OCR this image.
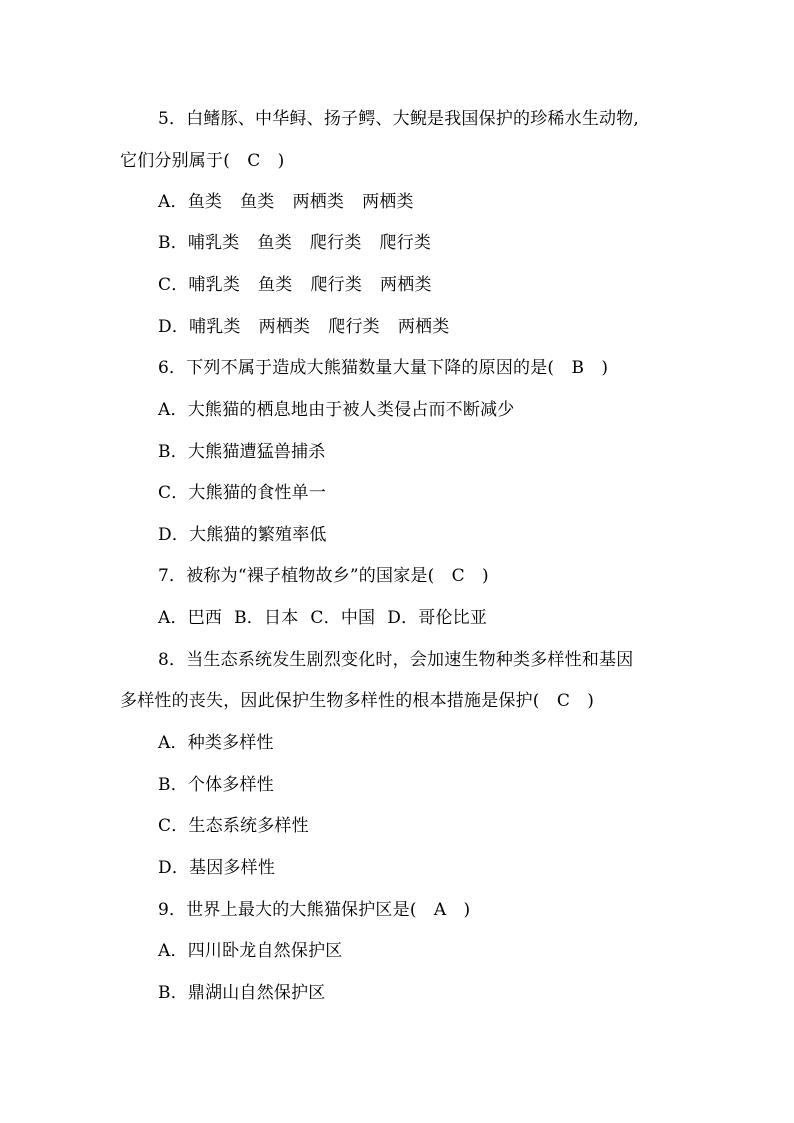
5．白鳍豚、中华鲟、扬子鳄、大鲵是我国保护的珍稀水生动物,
它们分别属于(　C　)
A．鱼类 鱼类 两栖类 两栖类
B．哺乳类 鱼类 爬行类 爬行类
C．哺乳类 鱼类 爬行类 两栖类
D．哺乳类 两栖类 爬行类 两栖类
6．下列不属于造成大熊猫数量大量下降的原因的是(　B　)
A．大熊猫的栖息地由于被人类侵占而不断减少
B．大熊猫遭猛兽捕杀
C．大熊猫的食性单一
D．大熊猫的繁殖率低
7．被称为“裸子植物故乡”的国家是(　C　)
A．巴西 B．日本 C．中国 D．哥伦比亚
8．当生态系统发生剧烈变化时，会加速生物种类多样性和基因
多样性的丧失，因此保护生物多样性的根本措施是保护(　C　)
A．种类多样性
B．个体多样性
C．生态系统多样性
D．基因多样性
9．世界上最大的大熊猫保护区是(　A　)
A．四川卧龙自然保护区
B．鼎湖山自然保护区
